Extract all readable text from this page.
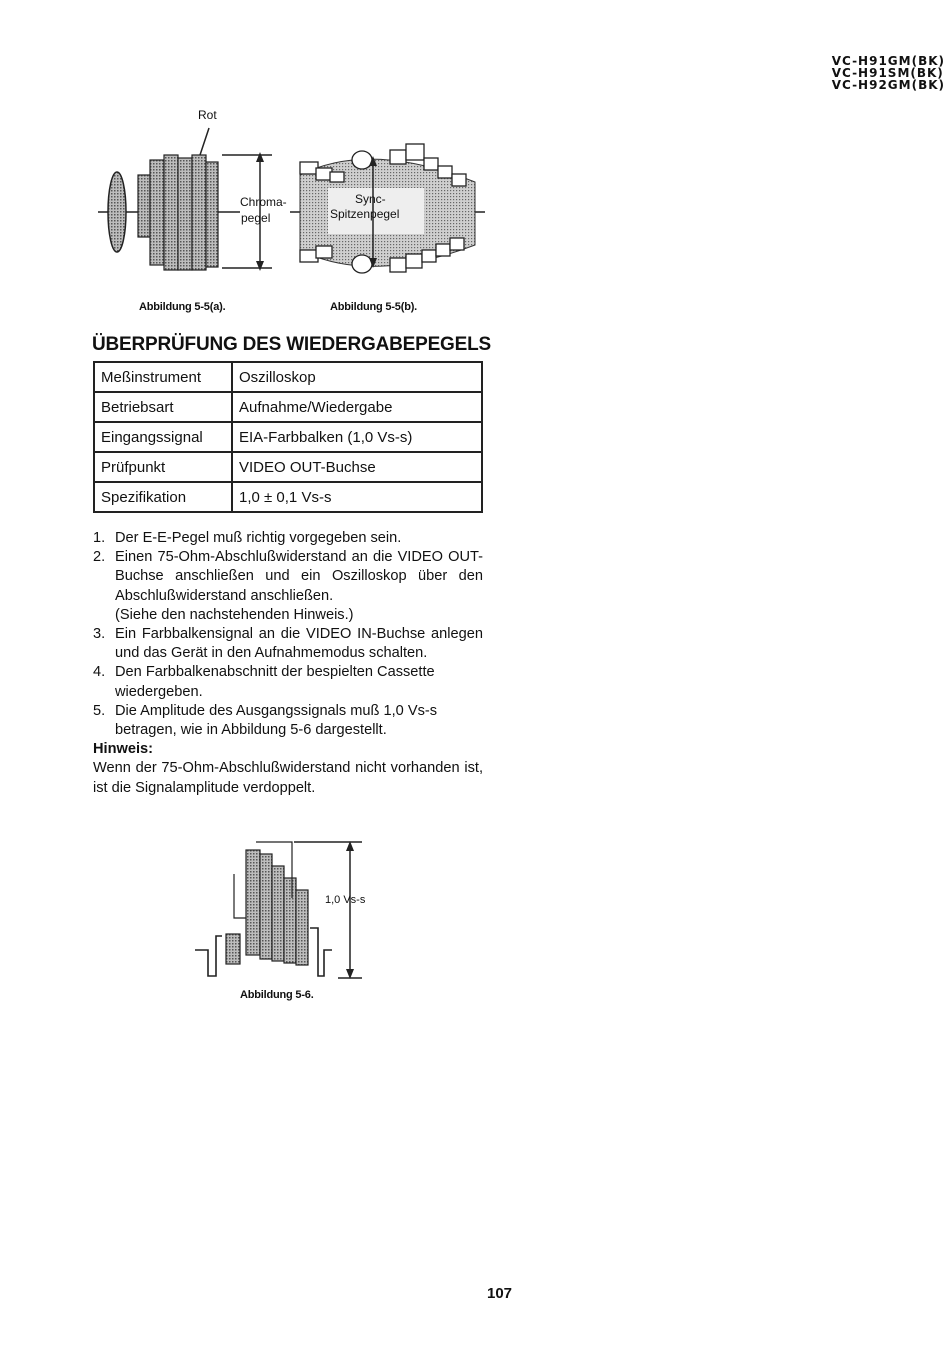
VC-H91GM(BK)
VC-H91SM(BK)
VC-H92GM(BK)
Rot
Chroma-
pegel
Sync-
Spitzenpegel
Abbildung 5-5(a).	Abbildung 5-5(b).
ÜBERPRÜFUNG DES WIEDERGABEPEGELS
Meßinstrument	Oszilloskop
Betriebsart	Aufnahme/Wiedergabe
Eingangssignal	EIA-Farbbalken (1,0 Vs-s)
Prüfpunkt	VIDEO OUT-Buchse
Spezifikation	1,0 ± 0,1 Vs-s
1. Der E-E-Pegel muß richtig vorgegeben sein.
2. Einen 75-Ohm-Abschlußwiderstand an die VIDEO OUT-Buchse anschließen und ein Oszilloskop über den Abschlußwiderstand anschließen.
(Siehe den nachstehenden Hinweis.)
3. Ein Farbbalkensignal an die VIDEO IN-Buchse anlegen und das Gerät in den Aufnahmemodus schalten.
4. Den Farbbalkenabschnitt der bespielten Cassette wiedergeben.
5. Die Amplitude des Ausgangssignals muß 1,0 Vs-s betragen, wie in Abbildung 5-6 dargestellt.
Hinweis:
Wenn der 75-Ohm-Abschlußwiderstand nicht vorhanden ist, ist die Signalamplitude verdoppelt.
1,0 Vs-s
Abbildung 5-6.
107
